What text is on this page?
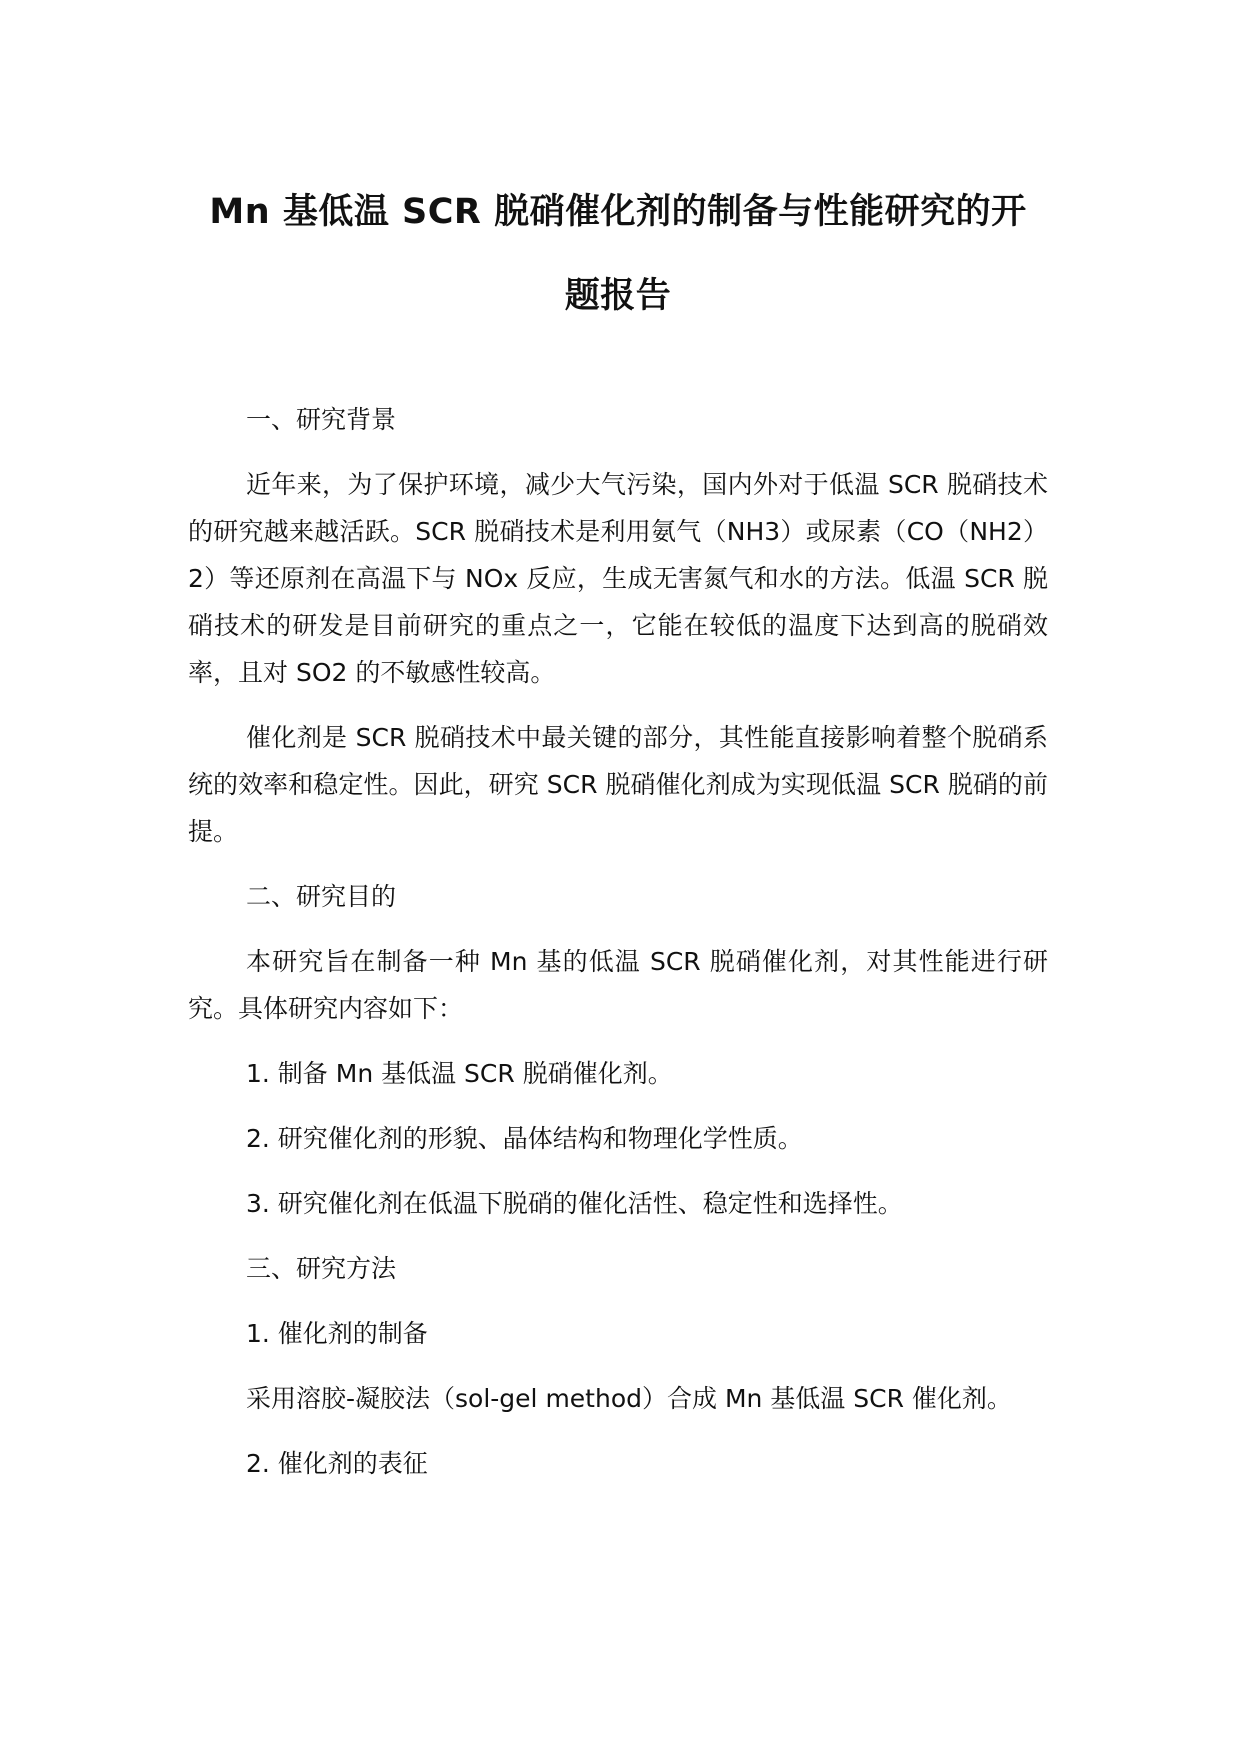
Mn 基低温 SCR 脱硝催化剂的制备与性能研究的开
题报告

一、研究背景

近年来，为了保护环境，减少大气污染，国内外对于低温 SCR 脱硝技术的研究越来越活跃。SCR 脱硝技术是利用氨气（NH3）或尿素（CO（NH2）2）等还原剂在高温下与 NOx 反应，生成无害氮气和水的方法。低温 SCR 脱硝技术的研发是目前研究的重点之一，它能在较低的温度下达到高的脱硝效率，且对 SO2 的不敏感性较高。

催化剂是 SCR 脱硝技术中最关键的部分，其性能直接影响着整个脱硝系统的效率和稳定性。因此，研究 SCR 脱硝催化剂成为实现低温 SCR 脱硝的前提。

二、研究目的

本研究旨在制备一种 Mn 基的低温 SCR 脱硝催化剂，对其性能进行研究。具体研究内容如下：

1. 制备 Mn 基低温 SCR 脱硝催化剂。

2. 研究催化剂的形貌、晶体结构和物理化学性质。

3. 研究催化剂在低温下脱硝的催化活性、稳定性和选择性。

三、研究方法

1. 催化剂的制备

采用溶胶-凝胶法（sol-gel method）合成 Mn 基低温 SCR 催化剂。

2. 催化剂的表征
